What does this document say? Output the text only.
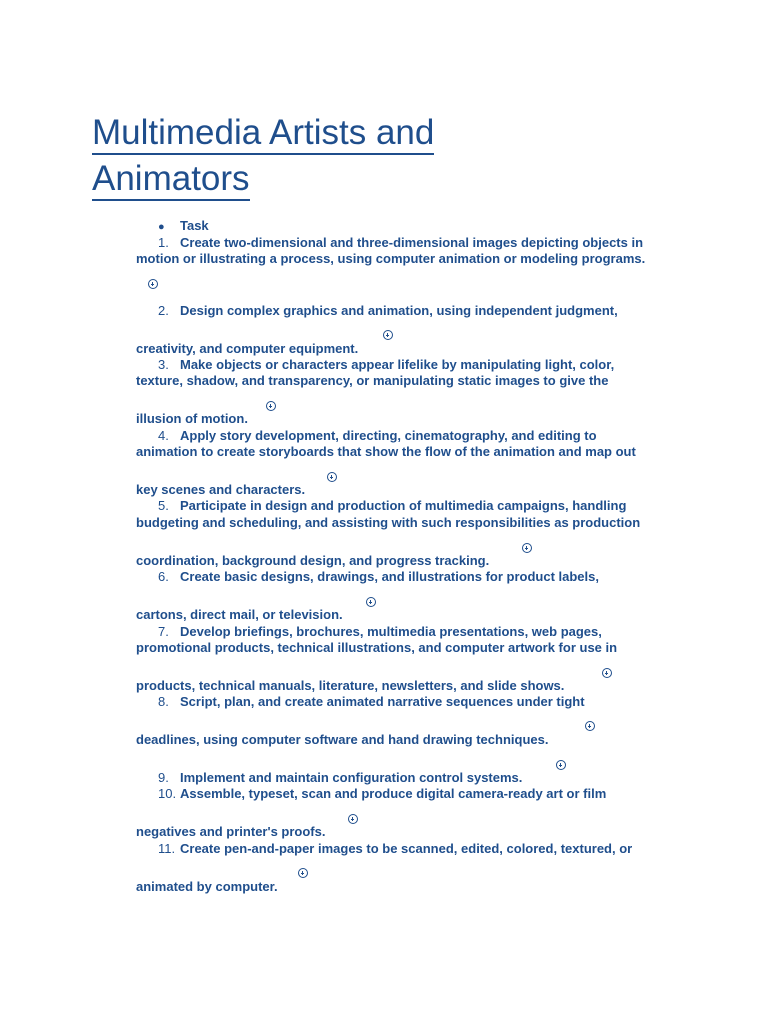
Multimedia Artists and
Animators
● Task
1. Create two-dimensional and three-dimensional images depicting objects in
motion or illustrating a process, using computer animation or modeling programs.
2. Design complex graphics and animation, using independent judgment,
creativity, and computer equipment.
3. Make objects or characters appear lifelike by manipulating light, color,
texture, shadow, and transparency, or manipulating static images to give the
illusion of motion.
4. Apply story development, directing, cinematography, and editing to
animation to create storyboards that show the flow of the animation and map out
key scenes and characters.
5. Participate in design and production of multimedia campaigns, handling
budgeting and scheduling, and assisting with such responsibilities as production
coordination, background design, and progress tracking.
6. Create basic designs, drawings, and illustrations for product labels,
cartons, direct mail, or television.
7. Develop briefings, brochures, multimedia presentations, web pages,
promotional products, technical illustrations, and computer artwork for use in
products, technical manuals, literature, newsletters, and slide shows.
8. Script, plan, and create animated narrative sequences under tight
deadlines, using computer software and hand drawing techniques.
9. Implement and maintain configuration control systems.
10. Assemble, typeset, scan and produce digital camera-ready art or film
negatives and printer's proofs.
11. Create pen-and-paper images to be scanned, edited, colored, textured, or
animated by computer.
